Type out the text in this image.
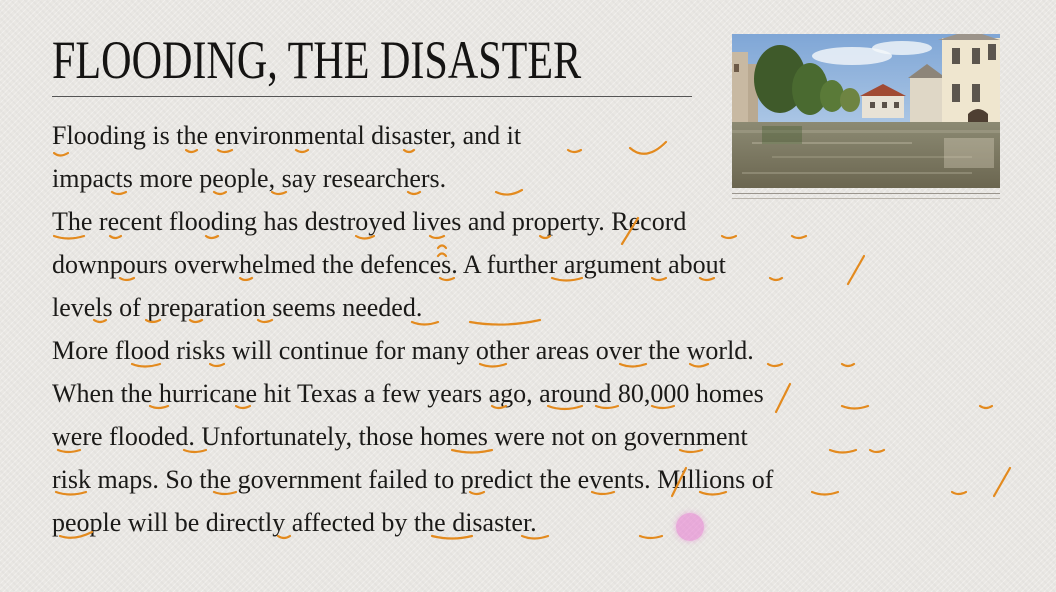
FLOODING, THE DISASTER

Flooding is the environmental disaster, and it

impacts more people, say researchers.

The recent flooding has destroyed lives and property. Record

downpours overwhelmed the defences. A further argument about

levels of preparation seems needed.

More flood risks will continue for many other areas over the world.

When the hurricane hit Texas a few years ago, around 80,000 homes

were flooded. Unfortunately, those homes were not on government

risk maps. So the government failed to predict the events. Millions of

people will be directly affected by the disaster.
